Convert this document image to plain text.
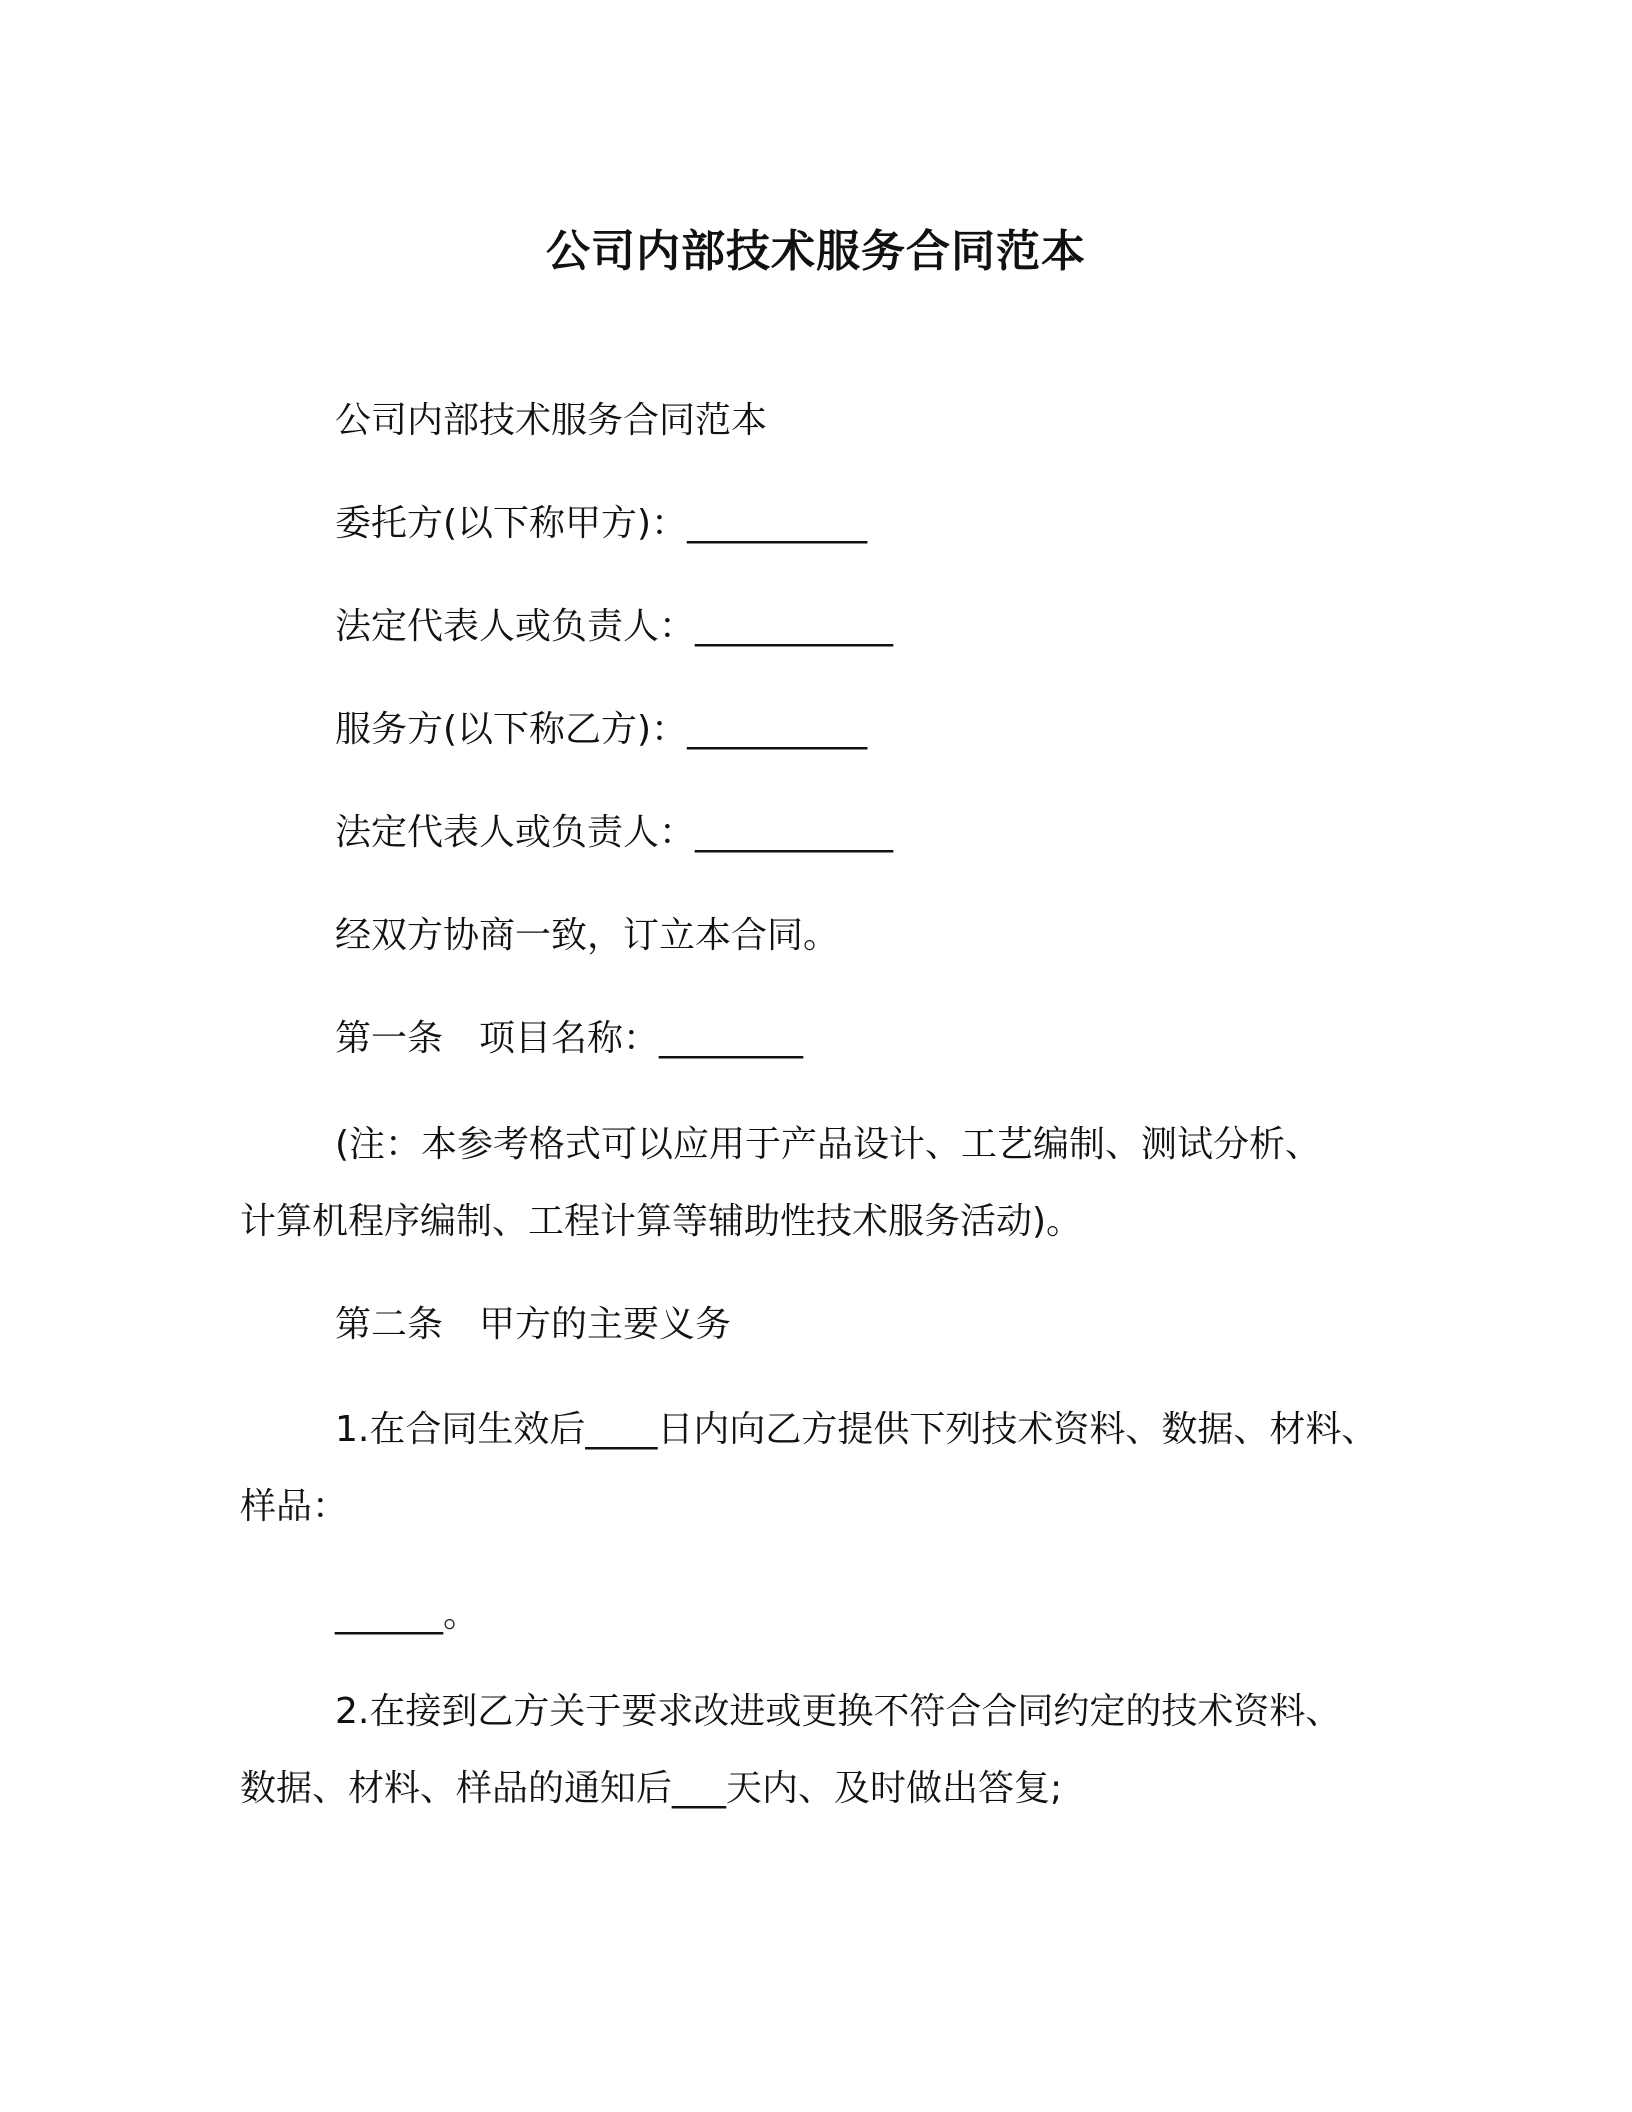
公司内部技术服务合同范本
公司内部技术服务合同范本
委托方(以下称甲方)：__________
法定代表人或负责人：___________
服务方(以下称乙方)：__________
法定代表人或负责人：___________
经双方协商一致，订立本合同。
第一条 项目名称：________
(注：本参考格式可以应用于产品设计、工艺编制、测试分析、
计算机程序编制、工程计算等辅助性技术服务活动)。
第二条 甲方的主要义务
1.在合同生效后____日内向乙方提供下列技术资料、数据、材料、
样品：
______。
2.在接到乙方关于要求改进或更换不符合合同约定的技术资料、
数据、材料、样品的通知后___天内、及时做出答复;
